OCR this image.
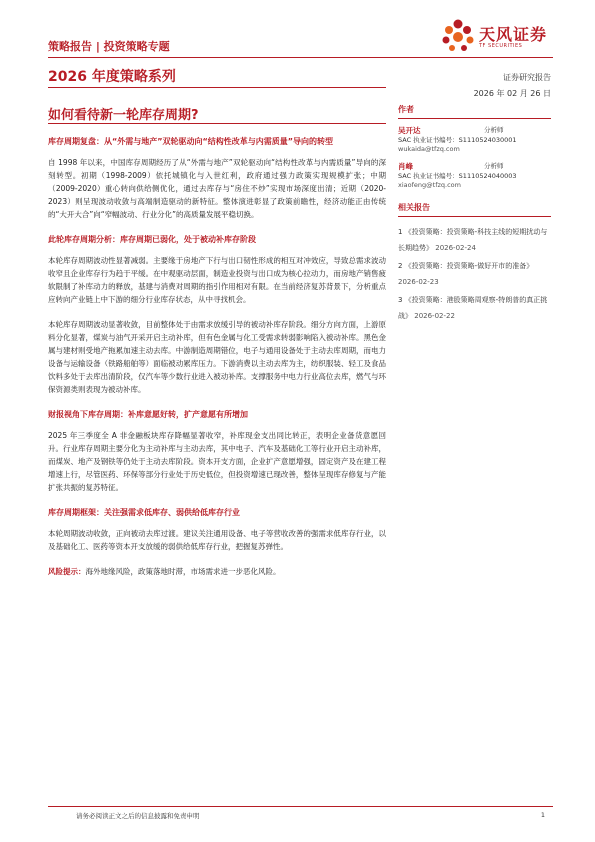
策略报告 | 投资策略专题
天风证券
TF SECURITIES
2026 年度策略系列	证券研究报告
2026 年 02 月 26 日
如何看待新一轮库存周期?
库存周期复盘：从“外需与地产”双轮驱动向“结构性改革与内需质量”导向的转型

自 1998 年以来，中国库存周期经历了从“外需与地产”双轮驱动向“结构性改革与内需质量”导向的深刻转型。初期（1998-2009）依托城镇化与入世红利，政府通过强力政策实现规模扩张；中期（2009-2020）重心转向供给侧优化，通过去库存与“房住不炒”实现市场深度出清；近期（2020-2023）则呈现波动收敛与高端制造驱动的新特征。整体演进彰显了政策前瞻性，经济动能正由传统的“大开大合”向“窄幅波动、行业分化”的高质量发展平稳切换。

此轮库存周期分析：库存周期已弱化，处于被动补库存阶段

本轮库存周期波动性显著减弱。主要缘于房地产下行与出口韧性形成的相互对冲效应，导致总需求波动收窄且企业库存行为趋于平缓。在中观驱动层面，制造业投资与出口成为核心拉动力，而房地产销售疲软限制了补库动力的释放，基建与消费对周期的指引作用相对有限。在当前经济复苏背景下，分析重点应转向产业链上中下游的细分行业库存状态，从中寻找机会。

本轮库存周期波动显著收敛，目前整体处于由需求放缓引导的被动补库存阶段。细分方向方面，上游原料分化显著，煤炭与油气开采开启主动补库，但有色金属与化工受需求转弱影响陷入被动补库。黑色金属与建材则受地产拖累加速主动去库。中游制造周期错位，电子与通用设备处于主动去库周期，而电力设备与运输设备（铁路船舶等）面临被动累库压力。下游消费以主动去库为主，纺织服装、轻工及食品饮料多处于去库出清阶段，仅汽车等少数行业进入被动补库。支撑服务中电力行业高位去库，燃气与环保资源类则表现为被动补库。

财报视角下库存周期：补库意愿好转，扩产意愿有所增加

2025 年三季度全 A 非金融板块库存降幅显著收窄，补库现金支出同比转正，表明企业备货意愿回升。行业库存周期主要分化为主动补库与主动去库，其中电子、汽车及基础化工等行业开启主动补库，而煤炭、地产及钢铁等仍处于主动去库阶段。资本开支方面，企业扩产意愿增强，固定资产及在建工程增速上行，尽管医药、环保等部分行业处于历史低位，但投资增速已现改善，整体呈现库存修复与产能扩张共振的复苏特征。

库存周期框架：关注强需求低库存、弱供给低库存行业

本轮周期波动收敛，正向被动去库过渡。建议关注通用设备、电子等营收改善的强需求低库存行业，以及基础化工、医药等资本开支放缓的弱供给低库存行业，把握复苏弹性。

风险提示：海外地缘风险，政策落地时滞，市场需求进一步恶化风险。

作者
吴开达	分析师
SAC 执业证书编号：S1110524030001
wukaida@tfzq.com
肖峰	分析师
SAC 执业证书编号：S1110524040003
xiaofeng@tfzq.com
相关报告
1 《投资策略：投资策略-科技主线的短期扰动与长期趋势》 2026-02-24
2 《投资策略：投资策略-做好开市的准备》 2026-02-23
3 《投资策略：港股策略周观察-特朗普的真正挑战》 2026-02-22
请务必阅读正文之后的信息披露和免责申明	1
